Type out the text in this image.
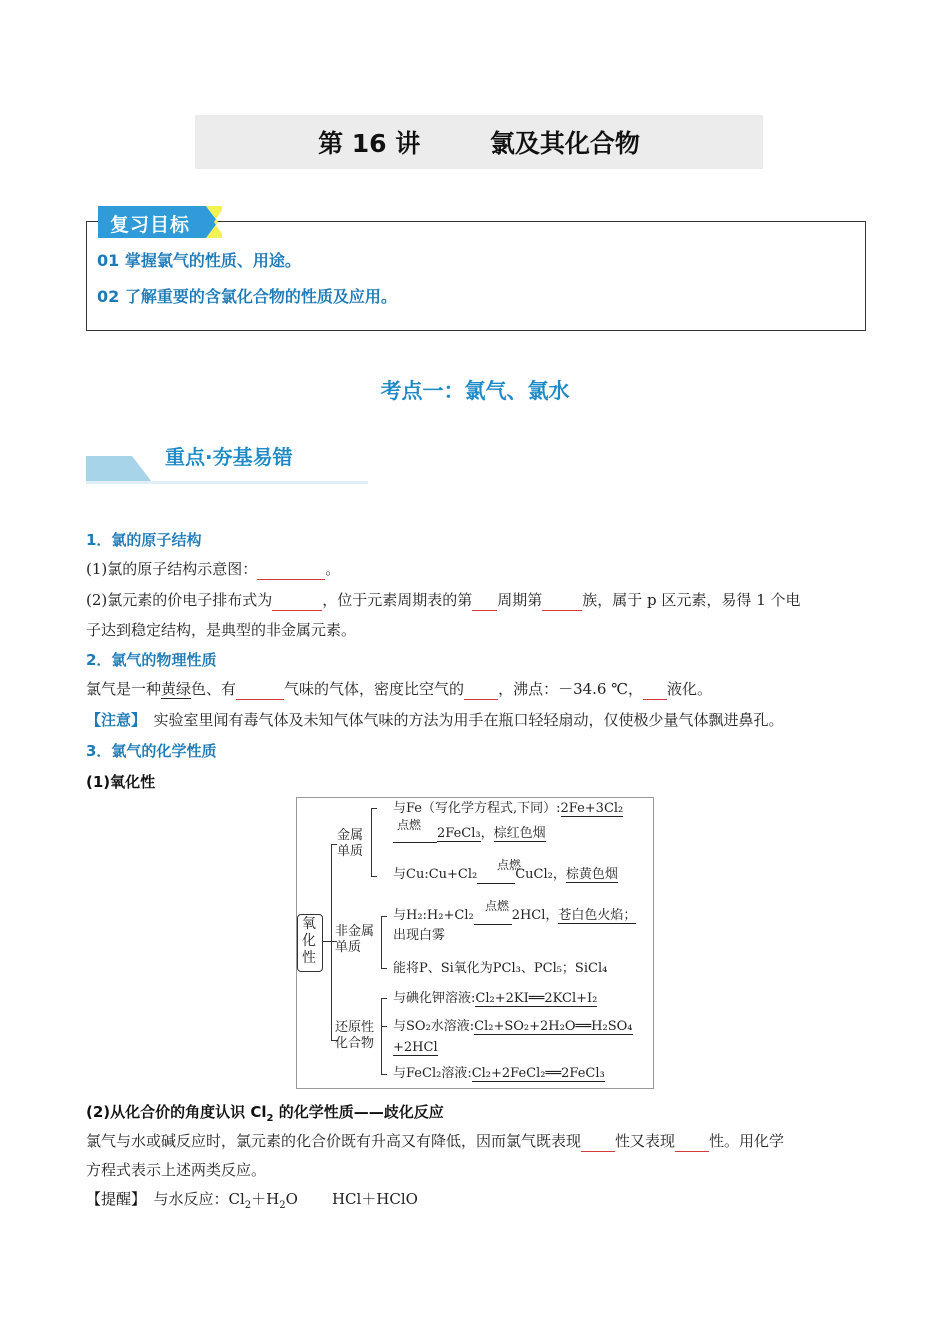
第 16 讲        氯及其化合物
复习目标
01 掌握氯气的性质、用途。
02 了解重要的含氯化合物的性质及应用。
考点一：氯气、氯水
重点·夯基易错
1．氯的原子结构
(1)氯的原子结构示意图：	。
(2)氯元素的价电子排布式为	，位于元素周期表的第 周期第	族，属于 p 区元素，易得 1 个电
子达到稳定结构，是典型的非金属元素。
2．氯气的物理性质
氯气是一种黄绿色、有	气味的气体，密度比空气的 ，沸点：－34.6 ℃， 液化。
【注意】　实验室里闻有毒气体及未知气体气味的方法为用手在瓶口轻轻扇动，仅使极少量气体飘进鼻孔。
3．氯气的化学性质
(1)氧化性
氧化性
金属单质
非金属单质
还原性化合物
与Fe（写化学方程式,下同）:2Fe+3Cl₂
点燃
2FeCl₃，棕红色烟
点燃
与Cu:Cu+Cl₂	CuCl₂，棕黄色烟
点燃
与H₂:H₂+Cl₂	2HCl，苍白色火焰；
出现白雾
能将P、Si氧化为PCl₃、PCl₅；SiCl₄
与碘化钾溶液:Cl₂+2KI══2KCl+I₂
与SO₂水溶液:Cl₂+SO₂+2H₂O══H₂SO₄
+2HCl
与FeCl₂溶液:Cl₂+2FeCl₂══2FeCl₃
(2)从化合价的角度认识 $Cl_2$ 的化学性质——歧化反应
氯气与水或碱反应时，氯元素的化合价既有升高又有降低，因而氯气既表现 性又表现 性。用化学
方程式表示上述两类反应。
【提醒】　与水反应：$Cl_2+H_2O$ HCl＋HClO
